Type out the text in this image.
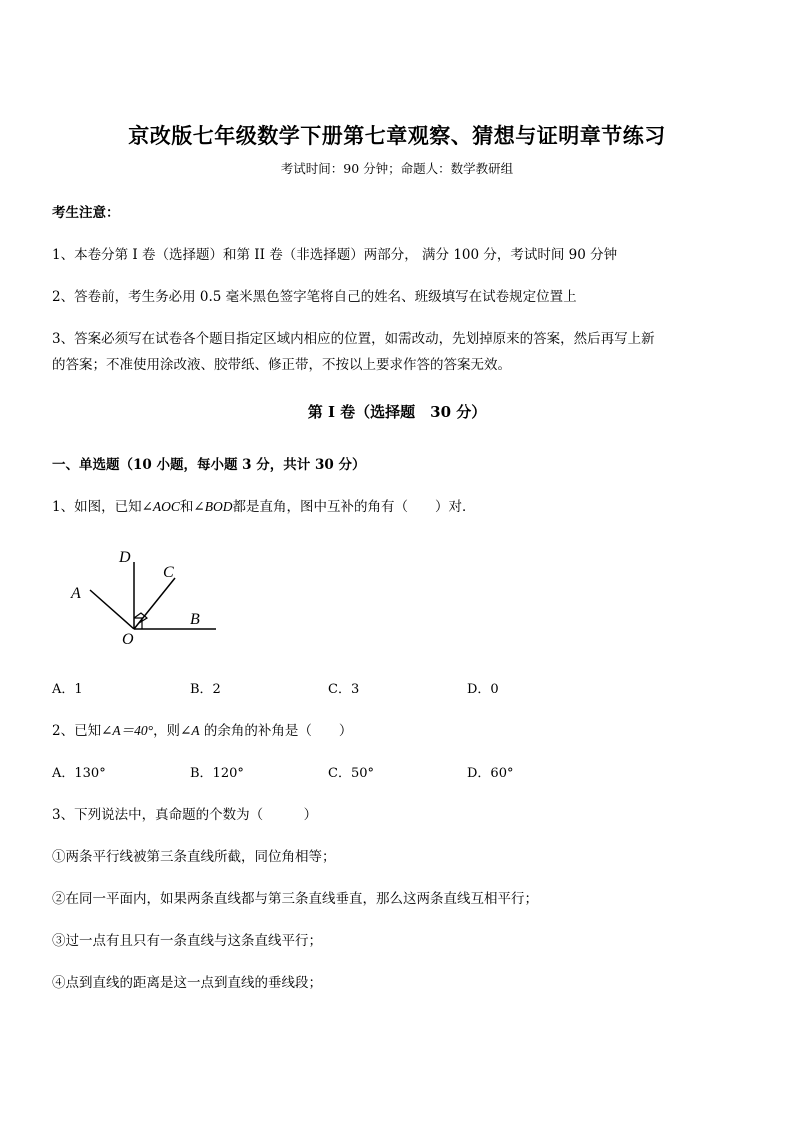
京改版七年级数学下册第七章观察、猜想与证明章节练习
考试时间：90 分钟；命题人：数学教研组
考生注意：
1、本卷分第 I 卷（选择题）和第 II 卷（非选择题）两部分， 满分 100 分，考试时间 90 分钟
2、答卷前，考生务必用 0.5 毫米黑色签字笔将自己的姓名、班级填写在试卷规定位置上
3、答案必须写在试卷各个题目指定区域内相应的位置，如需改动，先划掉原来的答案，然后再写上新
的答案；不准使用涂改液、胶带纸、修正带，不按以上要求作答的答案无效。
第 I 卷（选择题　30 分）
一、单选题（10 小题，每小题 3 分，共计 30 分）
1、如图，已知∠AOC和∠BOD都是直角，图中互补的角有（　　）对．
D
C
A
B
O
A．1	B．2	C．3	D．0
2、已知∠A＝40°，则∠A 的余角的补角是（　　）
A．130°	B．120°	C．50°	D．60°
3、下列说法中，真命题的个数为（　　　）
①两条平行线被第三条直线所截，同位角相等；
②在同一平面内，如果两条直线都与第三条直线垂直，那么这两条直线互相平行；
③过一点有且只有一条直线与这条直线平行；
④点到直线的距离是这一点到直线的垂线段；
